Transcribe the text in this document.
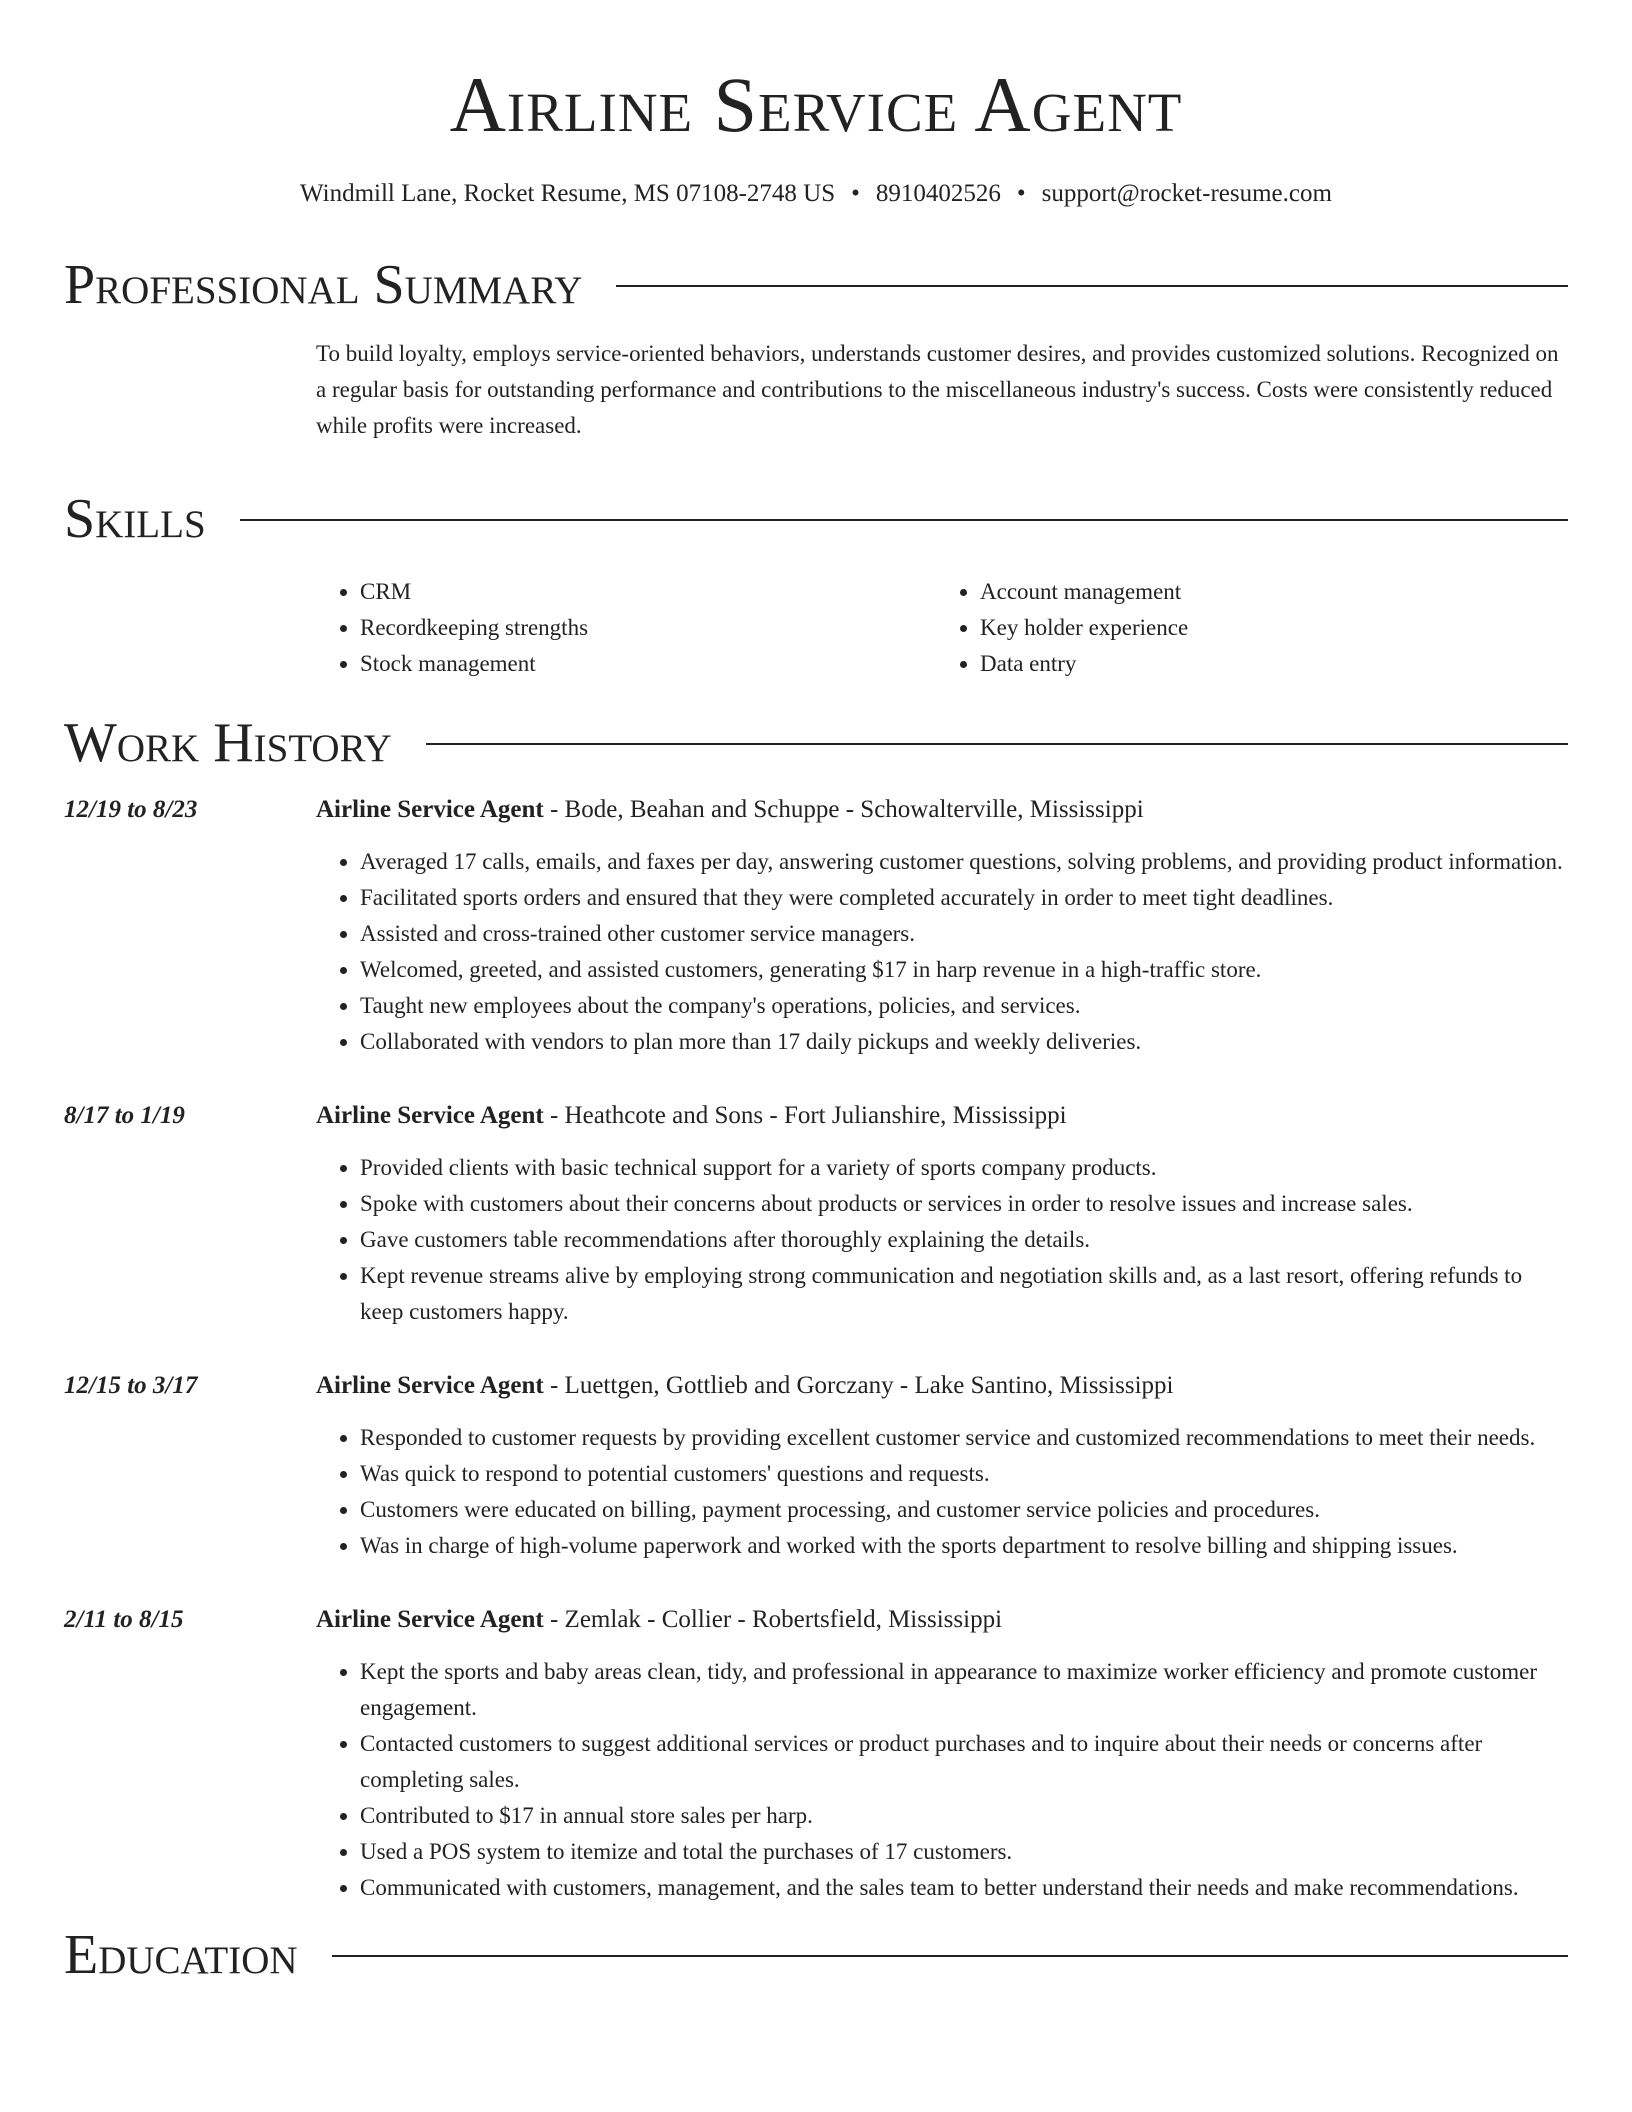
Airline Service Agent
Windmill Lane, Rocket Resume, MS 07108-2748 US • 8910402526 • support@rocket-resume.com
Professional Summary
To build loyalty, employs service-oriented behaviors, understands customer desires, and provides customized solutions. Recognized on a regular basis for outstanding performance and contributions to the miscellaneous industry's success. Costs were consistently reduced while profits were increased.
Skills
• CRM
• Recordkeeping strengths
• Stock management
• Account management
• Key holder experience
• Data entry
Work History
12/19 to 8/23	Airline Service Agent - Bode, Beahan and Schuppe - Schowalterville, Mississippi
• Averaged 17 calls, emails, and faxes per day, answering customer questions, solving problems, and providing product information.
• Facilitated sports orders and ensured that they were completed accurately in order to meet tight deadlines.
• Assisted and cross-trained other customer service managers.
• Welcomed, greeted, and assisted customers, generating $17 in harp revenue in a high-traffic store.
• Taught new employees about the company's operations, policies, and services.
• Collaborated with vendors to plan more than 17 daily pickups and weekly deliveries.
8/17 to 1/19	Airline Service Agent - Heathcote and Sons - Fort Julianshire, Mississippi
• Provided clients with basic technical support for a variety of sports company products.
• Spoke with customers about their concerns about products or services in order to resolve issues and increase sales.
• Gave customers table recommendations after thoroughly explaining the details.
• Kept revenue streams alive by employing strong communication and negotiation skills and, as a last resort, offering refunds to keep customers happy.
12/15 to 3/17	Airline Service Agent - Luettgen, Gottlieb and Gorczany - Lake Santino, Mississippi
• Responded to customer requests by providing excellent customer service and customized recommendations to meet their needs.
• Was quick to respond to potential customers' questions and requests.
• Customers were educated on billing, payment processing, and customer service policies and procedures.
• Was in charge of high-volume paperwork and worked with the sports department to resolve billing and shipping issues.
2/11 to 8/15	Airline Service Agent - Zemlak - Collier - Robertsfield, Mississippi
• Kept the sports and baby areas clean, tidy, and professional in appearance to maximize worker efficiency and promote customer engagement.
• Contacted customers to suggest additional services or product purchases and to inquire about their needs or concerns after completing sales.
• Contributed to $17 in annual store sales per harp.
• Used a POS system to itemize and total the purchases of 17 customers.
• Communicated with customers, management, and the sales team to better understand their needs and make recommendations.
Education
